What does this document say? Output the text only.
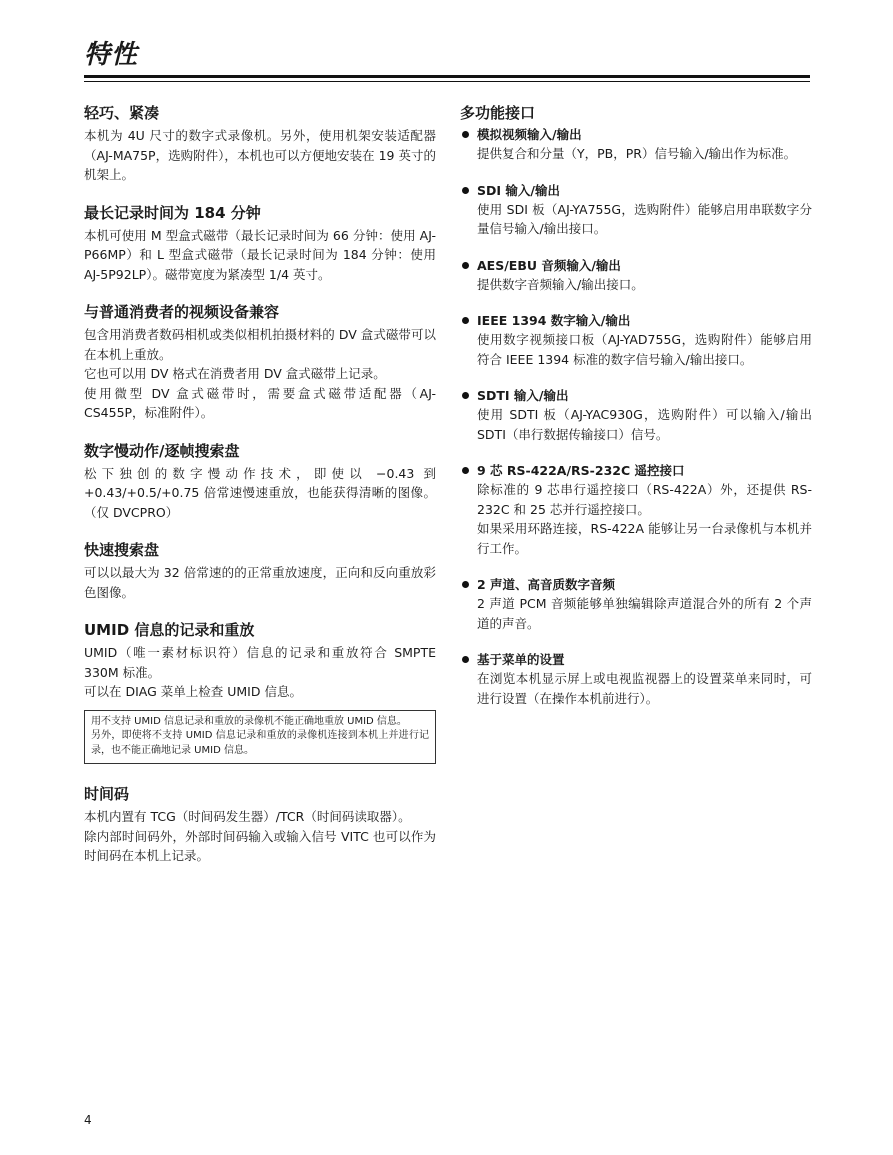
特性
轻巧、紧凑

本机为 4U 尺寸的数字式录像机。另外，使用机架安装适配器（AJ-MA75P，选购附件），本机也可以方便地安装在 19 英寸的机架上。

最长记录时间为 184 分钟

本机可使用 M 型盒式磁带（最长记录时间为 66 分钟：使用 AJ-P66MP）和 L 型盒式磁带（最长记录时间为 184 分钟：使用 AJ-5P92LP）。磁带宽度为紧凑型 1/4 英寸。

与普通消费者的视频设备兼容

包含用消费者数码相机或类似相机拍摄材料的 DV 盒式磁带可以在本机上重放。

它也可以用 DV 格式在消费者用 DV 盒式磁带上记录。

使用微型 DV 盒式磁带时，需要盒式磁带适配器（AJ-CS455P，标准附件）。

数字慢动作/逐帧搜索盘

松下独创的数字慢动作技术，即使以 −0.43 到 +0.43/+0.5/+0.75 倍常速慢速重放，也能获得清晰的图像。（仅 DVCPRO）

快速搜索盘

可以以最大为 32 倍常速的的正常重放速度，正向和反向重放彩色图像。

UMID 信息的记录和重放

UMID（唯一素材标识符）信息的记录和重放符合 SMPTE 330M 标准。

可以在 DIAG 菜单上检查 UMID 信息。

用不支持 UMID 信息记录和重放的录像机不能正确地重放 UMID 信息。

另外，即使将不支持 UMID 信息记录和重放的录像机连接到本机上并进行记录，也不能正确地记录 UMID 信息。

时间码

本机内置有 TCG（时间码发生器）/TCR（时间码读取器）。

除内部时间码外，外部时间码输入或输入信号 VITC 也可以作为时间码在本机上记录。

多功能接口
模拟视频输入/输出

提供复合和分量（Y，PB，PR）信号输入/输出作为标准。

SDI 输入/输出

使用 SDI 板（AJ-YA755G，选购附件）能够启用串联数字分量信号输入/输出接口。

AES/EBU 音频输入/输出

提供数字音频输入/输出接口。

IEEE 1394 数字输入/输出

使用数字视频接口板（AJ-YAD755G，选购附件）能够启用符合 IEEE 1394 标准的数字信号输入/输出接口。

SDTI 输入/输出

使用 SDTI 板（AJ-YAC930G，选购附件）可以输入/输出 SDTI（串行数据传输接口）信号。

9 芯 RS-422A/RS-232C 遥控接口

除标准的 9 芯串行遥控接口（RS-422A）外，还提供 RS-232C 和 25 芯并行遥控接口。

如果采用环路连接，RS-422A 能够让另一台录像机与本机并行工作。

2 声道、高音质数字音频

2 声道 PCM 音频能够单独编辑除声道混合外的所有 2 个声道的声音。

基于菜单的设置

在浏览本机显示屏上或电视监视器上的设置菜单来同时，可进行设置（在操作本机前进行）。

4
